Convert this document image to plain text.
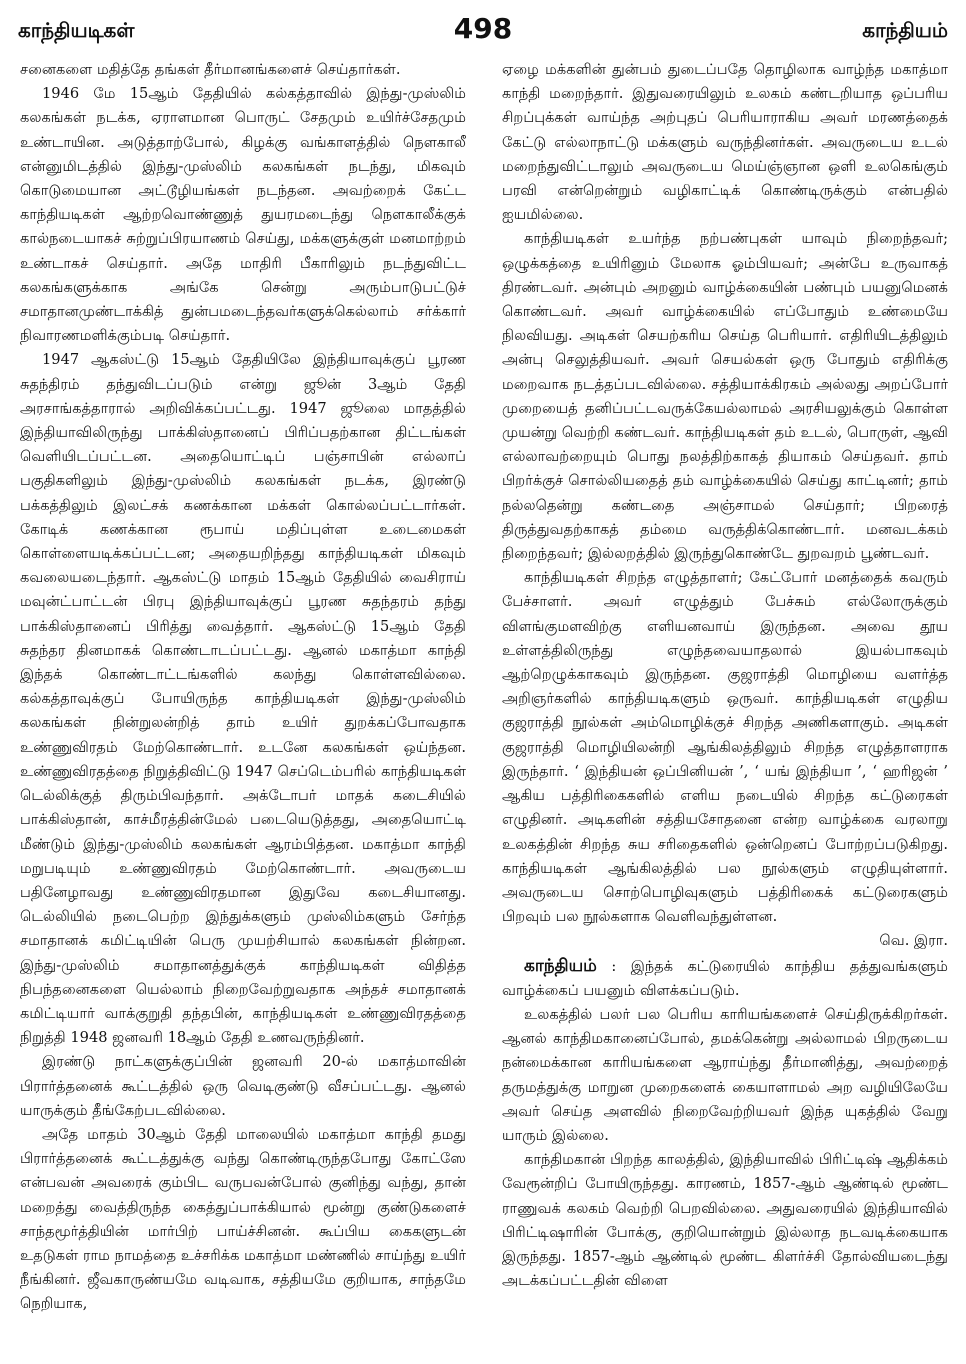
காந்தியடிகள்	498	காந்தியம்

சனைகளை மதித்தே தங்கள் தீர்மானங்களைச் செய்தார்கள்.

1946 மே 15ஆம் தேதியில் கல்கத்தாவில் இந்து-முஸ்லிம் கலகங்கள் நடக்க, ஏராளமான பொருட் சேதமும் உயிர்ச்சேதமும் உண்டாயின. அடுத்தாற்போல், கிழக்கு வங்காளத்தில் நௌகாலீ என்னுமிடத்தில் இந்து-முஸ்லிம் கலகங்கள் நடந்து, மிகவும் கொடுமையான அட்டூழியங்கள் நடந்தன. அவற்றைக் கேட்ட காந்தியடிகள் ஆற்றவொண்ணுத் துயரமடைந்து நௌகாலீக்குக் கால்நடையாகச் சுற்றுப்பிரயாணம் செய்து, மக்களுக்குள் மனமாற்றம் உண்டாகச் செய்தார். அதே மாதிரி பீகாரிலும் நடந்துவிட்ட கலகங்களுக்காக அங்கே சென்று அரும்பாடுபட்டுச் சமாதானமுண்டாக்கித் துன்பமடைந்தவர்களுக்கெல்லாம் சர்க்கார் நிவாரணமளிக்கும்படி செய்தார்.

1947 ஆகஸ்ட்டு 15ஆம் தேதியிலே இந்தியாவுக்குப் பூரண சுதந்திரம் தந்துவிடப்படும் என்று ஜூன் 3ஆம் தேதி அரசாங்கத்தாரால் அறிவிக்கப்பட்டது. 1947 ஜூலை மாதத்தில் இந்தியாவிலிருந்து பாக்கிஸ்தானைப் பிரிப்பதற்கான திட்டங்கள் வெளியிடப்பட்டன. அதையொட்டிப் பஞ்சாபின் எல்லாப் பகுதிகளிலும் இந்து-முஸ்லிம் கலகங்கள் நடக்க, இரண்டு பக்கத்திலும் இலட்சக் கணக்கான மக்கள் கொல்லப்பட்டார்கள். கோடிக் கணக்கான ரூபாய் மதிப்புள்ள உடைமைகள் கொள்ளையடிக்கப்பட்டன; அதையறிந்தது காந்தியடிகள் மிகவும் கவலையடைந்தார். ஆகஸ்ட்டு மாதம் 15ஆம் தேதியில் வைசிராய் மவுன்ட்பாட்டன் பிரபு இந்தியாவுக்குப் பூரண சுதந்தரம் தந்து பாக்கிஸ்தானைப் பிரித்து வைத்தார். ஆகஸ்ட்டு 15ஆம் தேதி சுதந்தர தினமாகக் கொண்டாடப்பட்டது. ஆனல் மகாத்மா காந்தி இந்தக் கொண்டாட்டங்களில் கலந்து கொள்ளவில்லை. கல்கத்தாவுக்குப் போயிருந்த காந்தியடிகள் இந்து-முஸ்லிம் கலகங்கள் நின்றுலன்றித் தாம் உயிர் துறக்கப்போவதாக உண்ணுவிரதம் மேற்கொண்டார். உடனே கலகங்கள் ஒய்ந்தன. உண்ணுவிரதத்தை நிறுத்திவிட்டு 1947 செப்டெம்பரில் காந்தியடிகள் டெல்லிக்குத் திரும்பிவந்தார். அக்டோபர் மாதக் கடைசியில் பாக்கிஸ்தான், காச்மீரத்தின்மேல் படையெடுத்தது, அதையொட்டி மீண்டும் இந்து-முஸ்லிம் கலகங்கள் ஆரம்பித்தன. மகாத்மா காந்தி மறுபடியும் உண்ணுவிரதம் மேற்கொண்டார். அவருடைய பதினேழாவது உண்ணுவிரதமான இதுவே கடைசியானது. டெல்லியில் நடைபெற்ற இந்துக்களும் முஸ்லிம்களும் சேர்ந்த சமாதானக் கமிட்டியின் பெரு முயற்சியால் கலகங்கள் நின்றன. இந்து-முஸ்லிம் சமாதானத்துக்குக் காந்தியடிகள் விதித்த நிபந்தனைகளை யெல்லாம் நிறைவேற்றுவதாக அந்தச் சமாதானக் கமிட்டியார் வாக்குறுதி தந்தபின், காந்தியடிகள் உண்ணுவிரதத்தை நிறுத்தி 1948 ஜனவரி 18ஆம் தேதி உணவருந்தினர்.

இரண்டு நாட்களுக்குப்பின் ஜனவரி 20-ல் மகாத்மாவின் பிரார்த்தனைக் கூட்டத்தில் ஒரு வெடிகுண்டு வீசப்பட்டது. ஆனல் யாருக்கும் தீங்கேற்படவில்லை.

அதே மாதம் 30ஆம் தேதி மாலையில் மகாத்மா காந்தி தமது பிரார்த்தனைக் கூட்டத்துக்கு வந்து கொண்டிருந்தபோது கோட்ஸே என்பவன் அவரைக் கும்பிட வருபவன்போல் குனிந்து வந்து, தான் மறைத்து வைத்திருந்த கைத்துப்பாக்கியால் மூன்று குண்டுகளைச் சாந்தமூர்த்தியின் மார்பிற் பாய்ச்சினன். கூப்பிய கைகளுடன் உதடுகள் ராம நாமத்தை உச்சரிக்க மகாத்மா மண்ணில் சாய்ந்து உயிர் நீங்கினர். ஜீவகாருண்யமே வடிவாக, சத்தியமே குறியாக, சாந்தமே நெறியாக,

ஏழை மக்களின் துன்பம் துடைப்பதே தொழிலாக வாழ்ந்த மகாத்மா காந்தி மறைந்தார். இதுவரையிலும் உலகம் கண்டறியாத ஒப்பரிய சிறப்புக்கள் வாய்ந்த அற்புதப் பெரியாராகிய அவர் மரணத்தைக் கேட்டு எல்லாநாட்டு மக்களும் வருந்தினர்கள். அவருடைய உடல் மறைந்துவிட்டாலும் அவருடைய மெய்ஞ்ஞான ஒளி உலகெங்கும் பரவி என்றென்றும் வழிகாட்டிக் கொண்டிருக்கும் என்பதில் ஐயமில்லை.

காந்தியடிகள் உயர்ந்த நற்பண்புகள் யாவும் நிறைந்தவர்; ஒழுக்கத்தை உயிரினும் மேலாக ஓம்பியவர்; அன்பே உருவாகத் திரண்டவர். அன்பும் அறனும் வாழ்க்கையின் பண்பும் பயனுமெனக் கொண்டவர். அவர் வாழ்க்கையில் எப்போதும் உண்மையே நிலவியது. அடிகள் செயற்கரிய செய்த பெரியார். எதிரியிடத்திலும் அன்பு செலுத்தியவர். அவர் செயல்கள் ஒரு போதும் எதிரிக்கு மறைவாக நடத்தப்படவில்லை. சத்தியாக்கிரகம் அல்லது அறப்போர் முறையைத் தனிப்பட்டவருக்கேயல்லாமல் அரசியலுக்கும் கொள்ள முயன்று வெற்றி கண்டவர். காந்தியடிகள் தம் உடல், பொருள், ஆவி எல்லாவற்றையும் பொது நலத்திற்காகத் தியாகம் செய்தவர். தாம் பிறர்க்குச் சொல்லியதைத் தம் வாழ்க்கையில் செய்து காட்டினர்; தாம் நல்லதென்று கண்டதை அஞ்சாமல் செய்தார்; பிறரைத் திருத்துவதற்காகத் தம்மை வருத்திக்கொண்டார். மனவடக்கம் நிறைந்தவர்; இல்லறத்தில் இருந்துகொண்டே துறவறம் பூண்டவர்.

காந்தியடிகள் சிறந்த எழுத்தாளர்; கேட்போர் மனத்தைக் கவரும் பேச்சாளர். அவர் எழுத்தும் பேச்சும் எல்லோருக்கும் விளங்குமளவிற்கு எளியனவாய் இருந்தன. அவை தூய உள்ளத்திலிருந்து எழுந்தவையாதலால் இயல்பாகவும் ஆற்றெழுக்காகவும் இருந்தன. குஜராத்தி மொழியை வளர்த்த அறிஞர்களில் காந்தியடிகளும் ஒருவர். காந்தியடிகள் எழுதிய குஜராத்தி நூல்கள் அம்மொழிக்குச் சிறந்த அணிகளாகும். அடிகள் குஜராத்தி மொழியிலன்றி ஆங்கிலத்திலும் சிறந்த எழுத்தாளராக இருந்தார். ‘ இந்தியன் ஒப்பினியன் ’, ‘ யங் இந்தியா ’, ‘ ஹரிஜன் ’ ஆகிய பத்திரிகைகளில் எளிய நடையில் சிறந்த கட்டுரைகள் எழுதினர். அடிகளின் சத்தியசோதனை என்ற வாழ்க்கை வரலாறு உலகத்தின் சிறந்த சுய சரிதைகளில் ஒன்றெனப் போற்றப்படுகிறது. காந்தியடிகள் ஆங்கிலத்தில் பல நூல்களும் எழுதியுள்ளார். அவருடைய சொற்பொழிவுகளும் பத்திரிகைக் கட்டுரைகளும் பிறவும் பல நூல்களாக வெளிவந்துள்ளன.

வெ. இரா.

காந்தியம் : இந்தக் கட்டுரையில் காந்திய தத்துவங்களும் வாழ்க்கைப் பயனும் விளக்கப்படும்.

உலகத்தில் பலர் பல பெரிய காரியங்களைச் செய்திருக்கிறர்கள். ஆனல் காந்திமகானைப்போல், தமக்கென்று அல்லாமல் பிறருடைய நன்மைக்கான காரியங்களை ஆராய்ந்து தீர்மானித்து, அவற்றைத் தருமத்துக்கு மாறுன முறைகளைக் கையாளாமல் அற வழியிலேயே அவர் செய்த அளவில் நிறைவேற்றியவர் இந்த யுகத்தில் வேறு யாரும் இல்லை.

காந்திமகான் பிறந்த காலத்தில், இந்தியாவில் பிரிட்டிஷ் ஆதிக்கம் வேரூன்றிப் போயிருந்தது. காரணம், 1857-ஆம் ஆண்டில் மூண்ட ராணுவக் கலகம் வெற்றி பெறவில்லை. அதுவரையில் இந்தியாவில் பிரிட்டிஷாரின் போக்கு, குறியொன்றும் இல்லாத நடவடிக்கையாக இருந்தது. 1857-ஆம் ஆண்டில் மூண்ட கிளர்ச்சி தோல்வியடைந்து அடக்கப்பட்டதின் விளை
